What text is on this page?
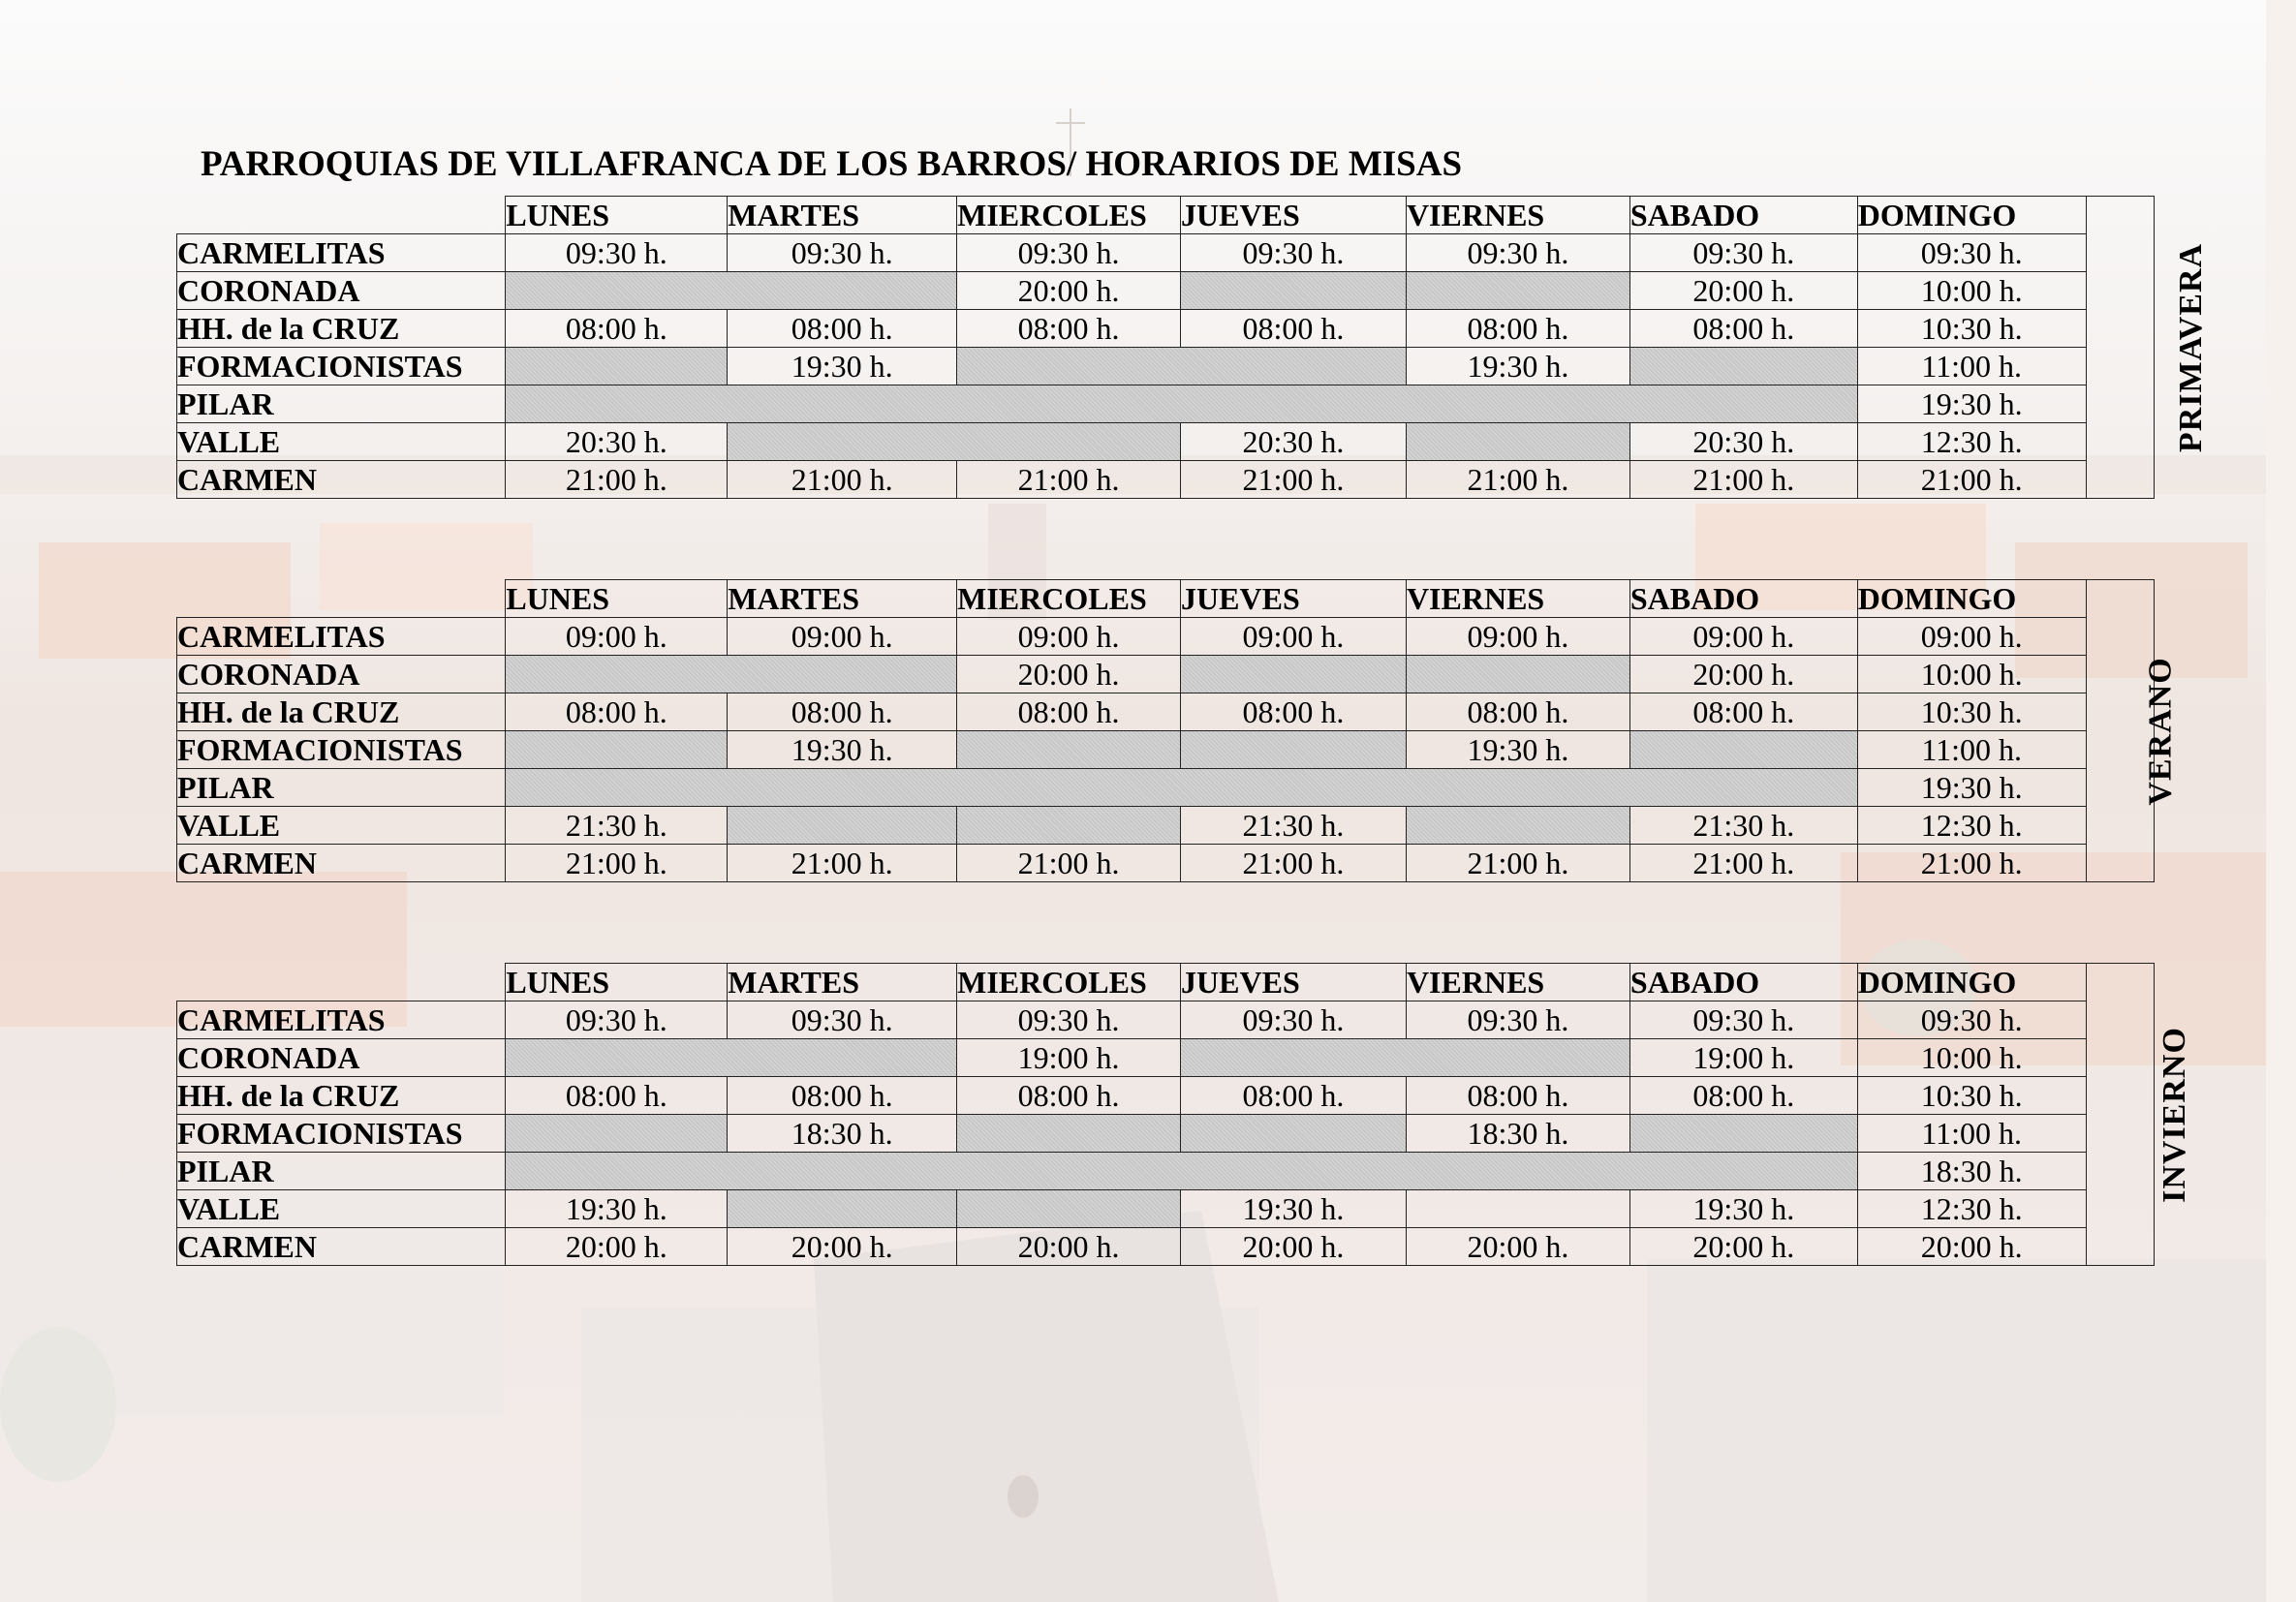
PARROQUIAS DE VILLAFRANCA DE LOS BARROS/ HORARIOS DE MISAS
	LUNES	MARTES	MIERCOLES	JUEVES	VIERNES	SABADO	DOMINGO	PRIMAVERA
CARMELITAS	09:30 h.	09:30 h.	09:30 h.	09:30 h.	09:30 h.	09:30 h.	09:30 h.	
CORONADA			20:00 h.			20:00 h.	10:00 h.	
HH. de la CRUZ	08:00 h.	08:00 h.	08:00 h.	08:00 h.	08:00 h.	08:00 h.	10:30 h.	
FORMACIONISTAS		19:30 h.			19:30 h.		11:00 h.	
PILAR							19:30 h.	
VALLE	20:30 h.			20:30 h.		20:30 h.	12:30 h.	
CARMEN	21:00 h.	21:00 h.	21:00 h.	21:00 h.	21:00 h.	21:00 h.	21:00 h.	
	LUNES	MARTES	MIERCOLES	JUEVES	VIERNES	SABADO	DOMINGO	VERANO
CARMELITAS	09:00 h.	09:00 h.	09:00 h.	09:00 h.	09:00 h.	09:00 h.	09:00 h.	
CORONADA			20:00 h.			20:00 h.	10:00 h.	
HH. de la CRUZ	08:00 h.	08:00 h.	08:00 h.	08:00 h.	08:00 h.	08:00 h.	10:30 h.	
FORMACIONISTAS		19:30 h.			19:30 h.		11:00 h.	
PILAR							19:30 h.	
VALLE	21:30 h.			21:30 h.		21:30 h.	12:30 h.	
CARMEN	21:00 h.	21:00 h.	21:00 h.	21:00 h.	21:00 h.	21:00 h.	21:00 h.	
	LUNES	MARTES	MIERCOLES	JUEVES	VIERNES	SABADO	DOMINGO	INVIERNO
CARMELITAS	09:30 h.	09:30 h.	09:30 h.	09:30 h.	09:30 h.	09:30 h.	09:30 h.	
CORONADA			19:00 h.			19:00 h.	10:00 h.	
HH. de la CRUZ	08:00 h.	08:00 h.	08:00 h.	08:00 h.	08:00 h.	08:00 h.	10:30 h.	
FORMACIONISTAS		18:30 h.			18:30 h.		11:00 h.	
PILAR							18:30 h.	
VALLE	19:30 h.			19:30 h.		19:30 h.	12:30 h.	
CARMEN	20:00 h.	20:00 h.	20:00 h.	20:00 h.	20:00 h.	20:00 h.	20:00 h.	
